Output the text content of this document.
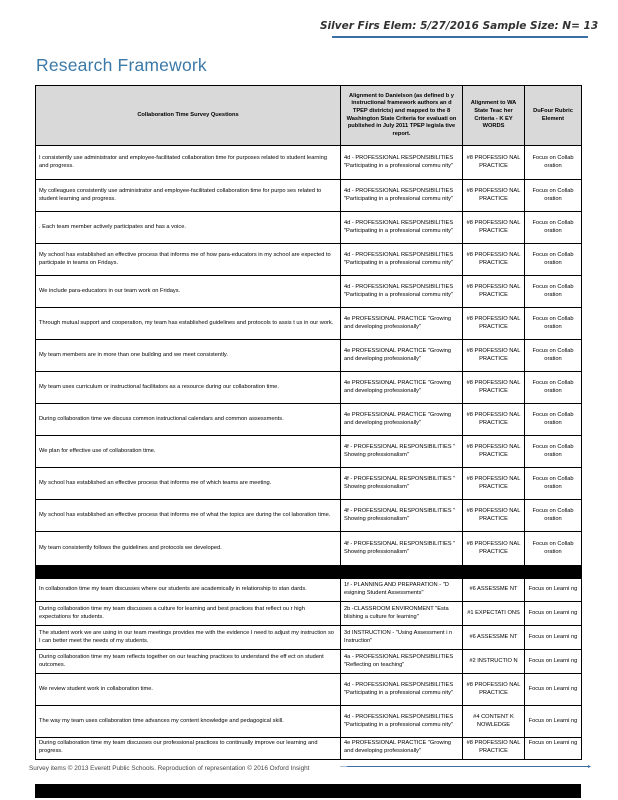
Silver Firs Elem: 5/27/2016 Sample Size: N= 13
Research Framework
Collaboration Time Survey Questions	Alignment to Danielson (as defined b y instructional framework authors an d TPEP districts) and mapped to the 8 Washington State Criteria for evaluati on published in July 2011 TPEP legisla tive report.	Alignment to WA State Teac her Criteria - K EY WORDS	DuFour Rubric Element
I consistently use administrator and employee-facilitated collaboration time for purposes related to student learning and progress.	4d - PROFESSIONAL RESPONSIBILITIES "Participating in a professional commu nity"	#8 PROFESSIO NAL PRACTICE	Focus on Collab oration
My colleagues consistently use administrator and employee-facilitated collaboration time for purpo ses related to student learning and progress.	4d - PROFESSIONAL RESPONSIBILITIES "Participating in a professional commu nity"	#8 PROFESSIO NAL PRACTICE	Focus on Collab oration
. Each team member actively participates and has a voice.	4d - PROFESSIONAL RESPONSIBILITIES "Participating in a professional commu nity"	#8 PROFESSIO NAL PRACTICE	Focus on Collab oration
My school has established an effective process that informs me of how para-educators in my school are expected to participate in teams on Fridays.	4d - PROFESSIONAL RESPONSIBILITIES "Participating in a professional commu nity"	#8 PROFESSIO NAL PRACTICE	Focus on Collab oration
We include para-educators in our team work on Fridays.	4d - PROFESSIONAL RESPONSIBILITIES "Participating in a professional commu nity"	#8 PROFESSIO NAL PRACTICE	Focus on Collab oration
Through mutual support and cooperation, my team has established guidelines and protocols to assis t us in our work.	4e PROFESSIONAL PRACTICE "Growing and developing professionally"	#8 PROFESSIO NAL PRACTICE	Focus on Collab oration
My team members are in more than one building and we meet consistently.	4e PROFESSIONAL PRACTICE "Growing and developing professionally"	#8 PROFESSIO NAL PRACTICE	Focus on Collab oration
My team uses curriculum or instructional facilitators as a resource during our collaboration time.	4e PROFESSIONAL PRACTICE "Growing and developing professionally"	#8 PROFESSIO NAL PRACTICE	Focus on Collab oration
During collaboration time we discuss common instructional calendars and common assessments.	4e PROFESSIONAL PRACTICE "Growing and developing professionally"	#8 PROFESSIO NAL PRACTICE	Focus on Collab oration
We plan for effective use of collaboration time.	4f - PROFESSIONAL RESPONSIBILITIES " Showing professionalism"	#8 PROFESSIO NAL PRACTICE	Focus on Collab oration
My school has established an effective process that informs me of which teams are meeting.	4f - PROFESSIONAL RESPONSIBILITIES " Showing professionalism"	#8 PROFESSIO NAL PRACTICE	Focus on Collab oration
My school has established an effective process that informs me of what the topics are during the col laboration time.	4f - PROFESSIONAL RESPONSIBILITIES " Showing professionalism"	#8 PROFESSIO NAL PRACTICE	Focus on Collab oration
My team consistently follows the guidelines and protocols we developed.	4f - PROFESSIONAL RESPONSIBILITIES " Showing professionalism"	#8 PROFESSIO NAL PRACTICE	Focus on Collab oration

In collaboration time my team discusses where our students are academically in relationship to stan dards.	1f - PLANNING AND PREPARATION - "D esigning Student Assessments"	#6 ASSESSME NT	Focus on Learni ng
During collaboration time my team discusses a culture for learning and best practices that reflect ou r high expectations for students.	2b -CLASSROOM ENVIRONMENT "Esta blishing a culture for learning"	#1 EXPECTATI ONS	Focus on Learni ng
The student work we are using in our team meetings provides me with the evidence I need to adjust my instruction so I can better meet the needs of my students.	3d INSTRUCTION - "Using Assessment i n Instruction"	#6 ASSESSME NT	Focus on Learni ng
During collaboration time my team reflects together on our teaching practices to understand the eff ect on student outcomes.	4a - PROFESSIONAL RESPONSIBILITIES "Reflecting on teaching"	#2 INSTRUCTIO N	Focus on Learni ng
We review student work in collaboration time.	4d - PROFESSIONAL RESPONSIBILITIES "Participating in a professional commu nity"	#8 PROFESSIO NAL PRACTICE	Focus on Learni ng
The way my team uses collaboration time advances my content knowledge and pedagogical skill.	4d - PROFESSIONAL RESPONSIBILITIES "Participating in a professional commu nity"	#4 CONTENT K NOWLEDGE	Focus on Learni ng
During collaboration time my team discusses our professional practices to continually improve our learning and progress.	4e PROFESSIONAL PRACTICE "Growing and developing professionally"	#8 PROFESSIO NAL PRACTICE	Focus on Learni ng
Survey items © 2013 Everett Public Schools. Reproduction of representation © 2016 Oxford Insight	▸
